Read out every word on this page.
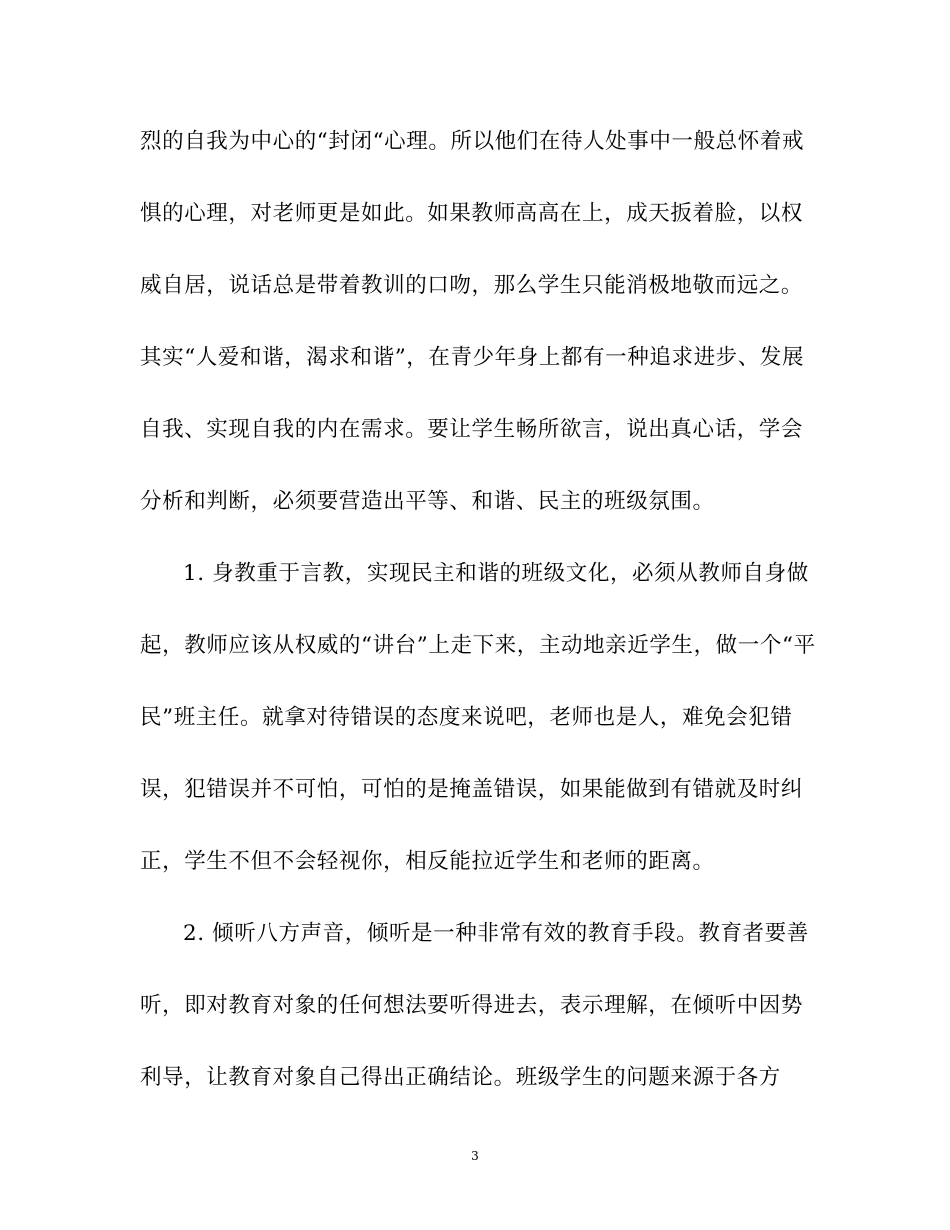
烈的自我为中心的“封闭“心理。所以他们在待人处事中一般总怀着戒
惧的心理，对老师更是如此。如果教师高高在上，成天扳着脸，以权
威自居，说话总是带着教训的口吻，那么学生只能消极地敬而远之。
其实“人爱和谐，渴求和谐”，在青少年身上都有一种追求进步、发展
自我、实现自我的内在需求。要让学生畅所欲言，说出真心话，学会
分析和判断，必须要营造出平等、和谐、民主的班级氛围。
1. 身教重于言教，实现民主和谐的班级文化，必须从教师自身做
起，教师应该从权威的“讲台”上走下来，主动地亲近学生，做一个“平
民”班主任。就拿对待错误的态度来说吧，老师也是人，难免会犯错
误，犯错误并不可怕，可怕的是掩盖错误，如果能做到有错就及时纠
正，学生不但不会轻视你，相反能拉近学生和老师的距离。
2. 倾听八方声音，倾听是一种非常有效的教育手段。教育者要善
听，即对教育对象的任何想法要听得进去，表示理解，在倾听中因势
利导，让教育对象自己得出正确结论。班级学生的问题来源于各方
3
